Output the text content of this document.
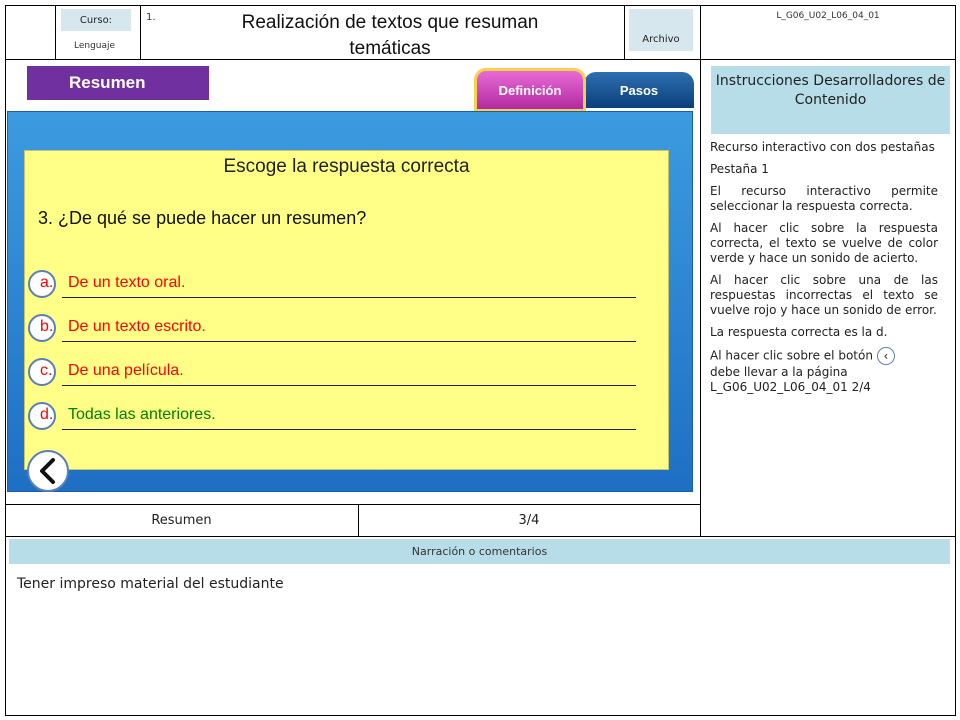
Curso:
Lenguaje
1.	Realización de textos que resuman temáticas	Archivo
L_G06_U02_L06_04_01
Resumen	Pasos
Definición
Escoge la respuesta correcta
3. ¿De qué se puede hacer un resumen?
a. De un texto oral.
b. De un texto escrito.
c. De una película.
d. Todas las anteriores.
Instrucciones Desarrolladores de Contenido

Recurso interactivo con dos pestañas

Pestaña 1

El recurso interactivo permite seleccionar la respuesta correcta.

Al hacer clic sobre la respuesta correcta, el texto se vuelve de color verde y hace un sonido de acierto.

Al hacer clic sobre una de las respuestas incorrectas el texto se vuelve rojo y hace un sonido de error.

La respuesta correcta es la d.

Al hacer clic sobre el botón ‹
debe llevar a la página L_G06_U02_L06_04_01 2/4

Resumen	3/4
Narración o comentarios
Tener impreso material del estudiante
